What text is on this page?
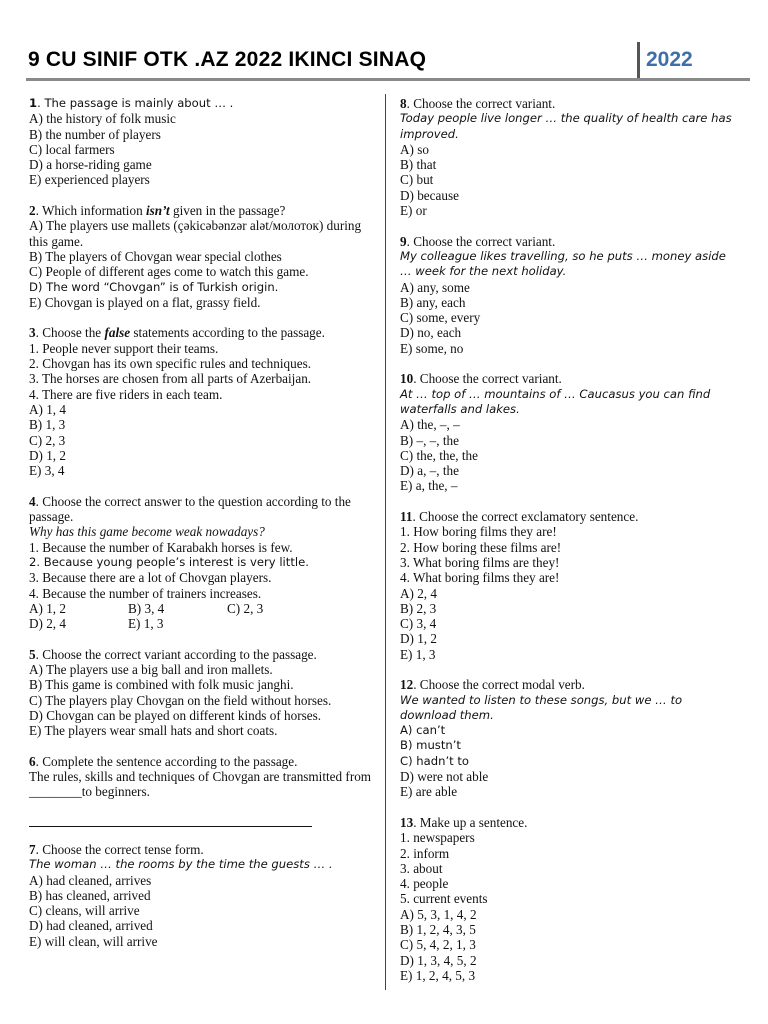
9 CU SINIF OTK .AZ 2022 IKINCI SINAQ	2022
1. The passage is mainly about … .
A) the history of folk music
B) the number of players
C) local farmers
D) a horse-riding game
E) experienced players
2. Which information isn’t given in the passage?
A) The players use mallets (çəkicəbənzər alət/молоток) during this game.
B) The players of Chovgan wear special clothes
C) People of different ages come to watch this game.
D) The word “Chovgan” is of Turkish origin.
E) Chovgan is played on a flat, grassy field.
3. Choose the false statements according to the passage.
1. People never support their teams.
2. Chovgan has its own specific rules and techniques.
3. The horses are chosen from all parts of Azerbaijan.
4. There are five riders in each team.
A) 1, 4
B) 1, 3
C) 2, 3
D) 1, 2
E) 3, 4
4. Choose the correct answer to the question according to the passage.
Why has this game become weak nowadays?
1. Because the number of Karabakh horses is few.
2. Because young people’s interest is very little.
3. Because there are a lot of Chovgan players.
4. Because the number of trainers increases.
A) 1, 2	B) 3, 4	C) 2, 3
D) 2, 4	E) 1, 3
5. Choose the correct variant according to the passage.
A) The players use a big ball and iron mallets.
B) This game is combined with folk music janghi.
C) The players play Chovgan on the field without horses.
D) Chovgan can be played on different kinds of horses.
E) The players wear small hats and short coats.
6. Complete the sentence according to the passage.
The rules, skills and techniques of Chovgan are transmitted from ________to beginners.
7. Choose the correct tense form.
The woman … the rooms by the time the guests … .
A) had cleaned, arrives
B) has cleaned, arrived
C) cleans, will arrive
D) had cleaned, arrived
E) will clean, will arrive
8. Choose the correct variant.
Today people live longer … the quality of health care has improved.
A) so
B) that
C) but
D) because
E) or
9. Choose the correct variant.
My colleague likes travelling, so he puts … money aside … week for the next holiday.
A) any, some
B) any, each
C) some, every
D) no, each
E) some, no
10. Choose the correct variant.
At … top of … mountains of … Caucasus you can find waterfalls and lakes.
A) the, –, –
B) –, –, the
C) the, the, the
D) a, –, the
E) a, the, –
11. Choose the correct exclamatory sentence.
1. How boring films they are!
2. How boring these films are!
3. What boring films are they!
4. What boring films they are!
A) 2, 4
B) 2, 3
C) 3, 4
D) 1, 2
E) 1, 3
12. Choose the correct modal verb.
We wanted to listen to these songs, but we … to download them.
A) can’t
B) mustn’t
C) hadn’t to
D) were not able
E) are able
13. Make up a sentence.
1. newspapers
2. inform
3. about
4. people
5. current events
A) 5, 3, 1, 4, 2
B) 1, 2, 4, 3, 5
C) 5, 4, 2, 1, 3
D) 1, 3, 4, 5, 2
E) 1, 2, 4, 5, 3
